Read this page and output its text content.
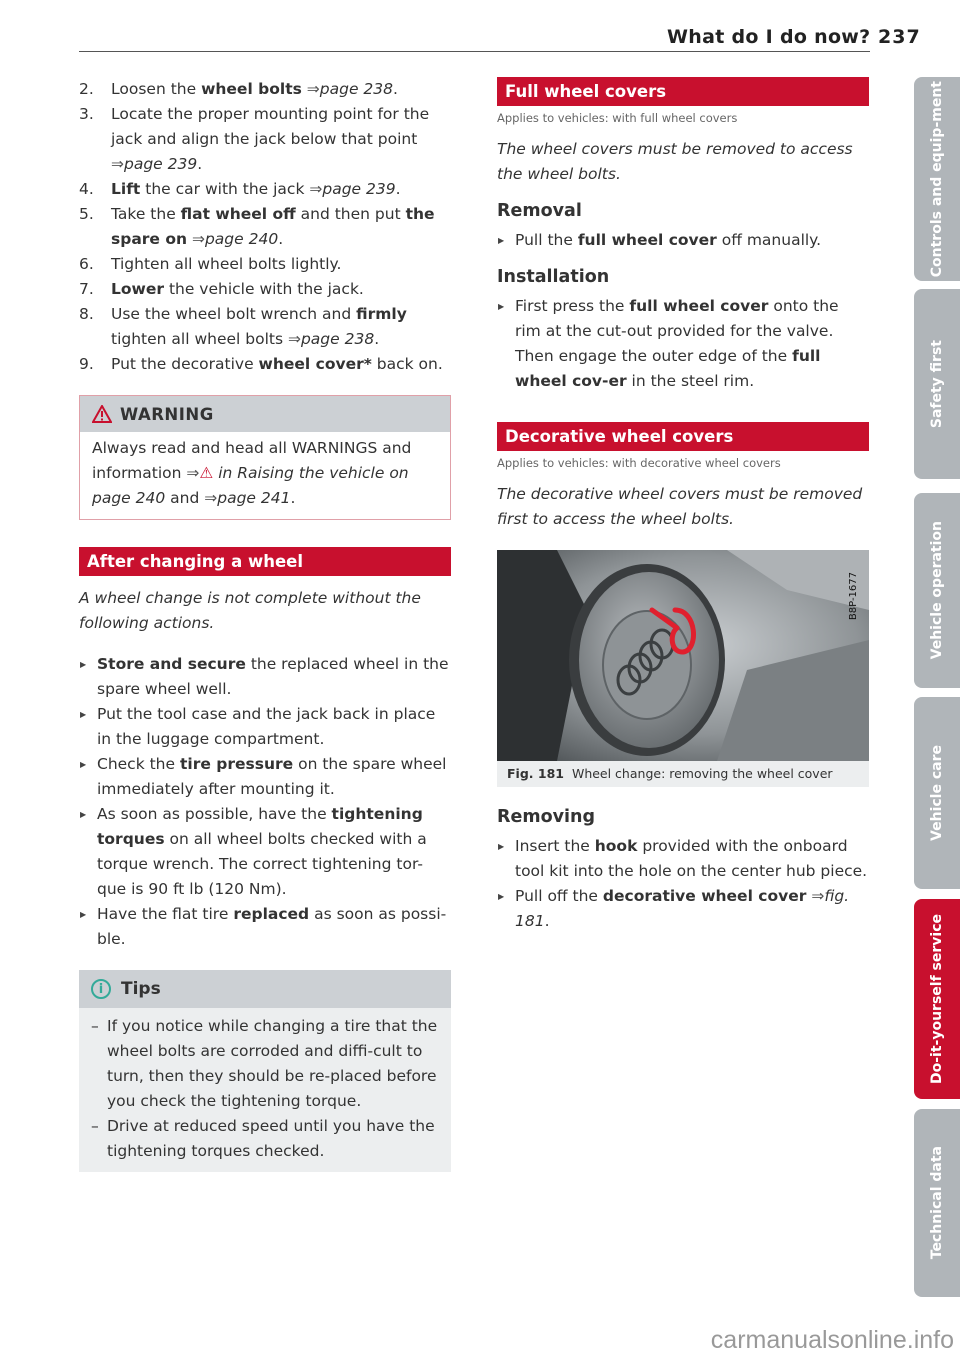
What do I do now? 237
2. Loosen the wheel bolts ⇒page 238.
3. Locate the proper mounting point for the jack and align the jack below that point ⇒page 239.
4. Lift the car with the jack ⇒page 239.
5. Take the flat wheel off and then put the spare on ⇒page 240.
6. Tighten all wheel bolts lightly.
7. Lower the vehicle with the jack.
8. Use the wheel bolt wrench and firmly tighten all wheel bolts ⇒page 238.
9. Put the decorative wheel cover* back on.
WARNING
Always read and head all WARNINGS and information ⇒⚠ in Raising the vehicle on page 240 and ⇒page 241.
After changing a wheel
A wheel change is not complete without the following actions.
▶ Store and secure the replaced wheel in the spare wheel well.
▶ Put the tool case and the jack back in place in the luggage compartment.
▶ Check the tire pressure on the spare wheel immediately after mounting it.
▶ As soon as possible, have the tightening torques on all wheel bolts checked with a torque wrench. The correct tightening tor-que is 90 ft lb (120 Nm).
▶ Have the flat tire replaced as soon as possi-ble.
i	Tips
– If you notice while changing a tire that the wheel bolts are corroded and diffi-cult to turn, then they should be re-placed before you check the tightening torque.
– Drive at reduced speed until you have the tightening torques checked.
Full wheel covers
Applies to vehicles: with full wheel covers
The wheel covers must be removed to access the wheel bolts.
Removal
▶ Pull the full wheel cover off manually.
Installation
▶ First press the full wheel cover onto the rim at the cut-out provided for the valve. Then engage the outer edge of the full wheel cov-er in the steel rim.
Decorative wheel covers
Applies to vehicles: with decorative wheel covers
The decorative wheel covers must be removed first to access the wheel bolts.
B8P-1677
Fig. 181 Wheel change: removing the wheel cover
Removing
▶ Insert the hook provided with the onboard tool kit into the hole on the center hub piece.
▶ Pull off the decorative wheel cover ⇒fig. 181.
Controls and equip-ment
Safety first
Vehicle operation
Vehicle care
Do-it-yourself service
Technical data
carmanualsonline.info
